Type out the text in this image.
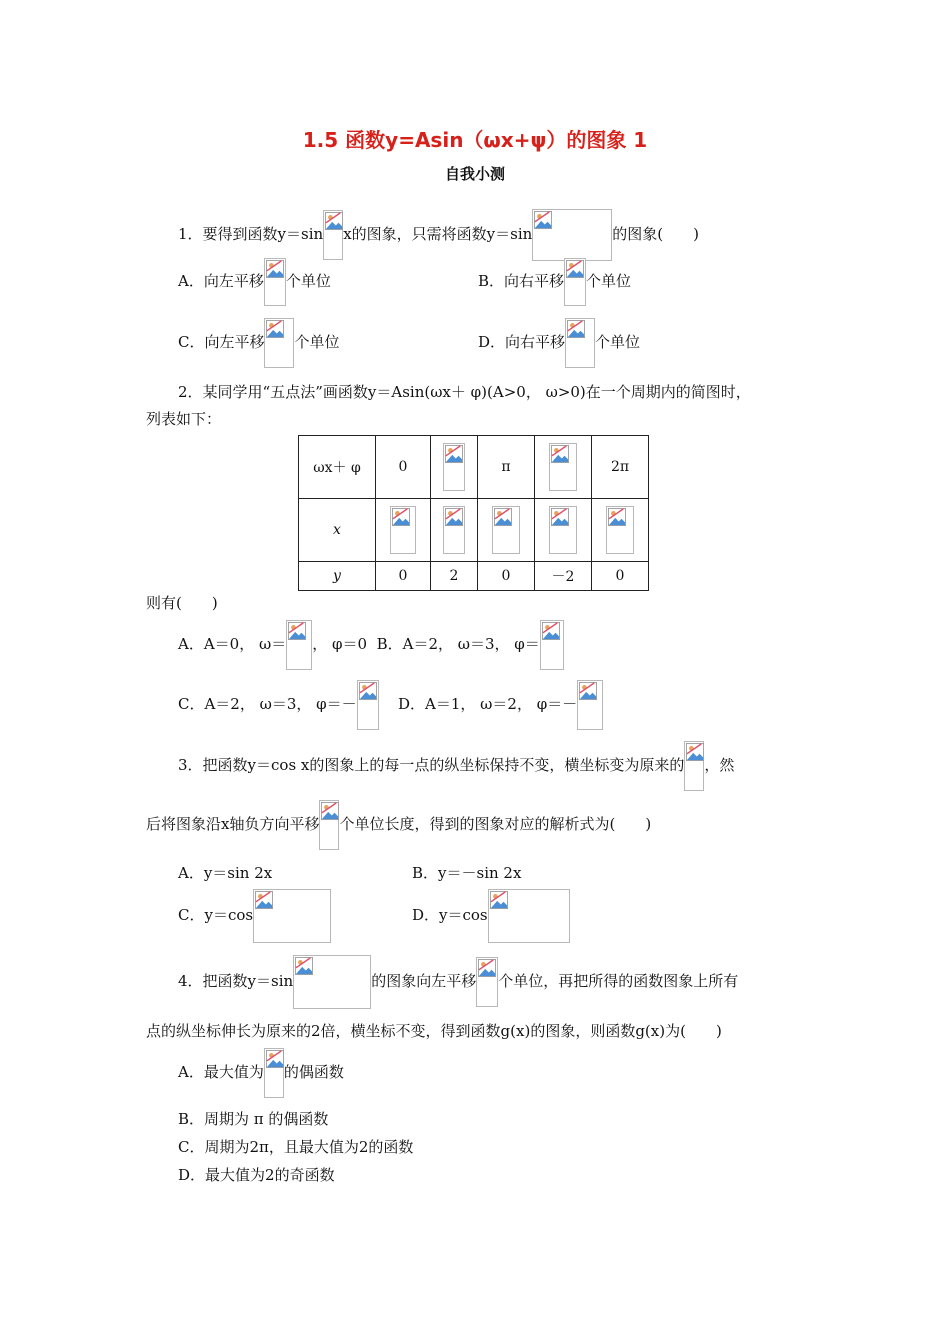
1.5 函数y=Asin（ωx+ψ）的图象 1
自我小测
1．要得到函数y＝sin x的图象，只需将函数y＝sin	的图象(　　)
A．向左平移 个单位	B．向右平移 个单位
C．向左平移 个单位	D．向右平移 个单位
2．某同学用“五点法”画函数y＝Asin(ωx＋ φ)(A>0， ω>0)在一个周期内的简图时，
列表如下：
ωx＋ φ	0		π		2π
x	

y	0	2	0	－2	0
则有(　　)
A．A＝0， ω＝ ， φ＝0 B．A＝2， ω＝3， φ＝
C．A＝2， ω＝3， φ＝－	D．A＝1， ω＝2， φ＝－
3．把函数y＝cos x的图象上的每一点的纵坐标保持不变，横坐标变为原来的 ，然
后将图象沿x轴负方向平移 个单位长度，得到的图象对应的解析式为(　　)
A．y＝sin 2x	B．y＝－sin 2x
C．y＝cos	D．y＝cos
4．把函数y＝sin	的图象向左平移 个单位，再把所得的函数图象上所有
点的纵坐标伸长为原来的2倍，横坐标不变，得到函数g(x)的图象，则函数g(x)为(　　)
A．最大值为 的偶函数
B．周期为 π 的偶函数
C．周期为2π，且最大值为2的函数
D．最大值为2的奇函数
